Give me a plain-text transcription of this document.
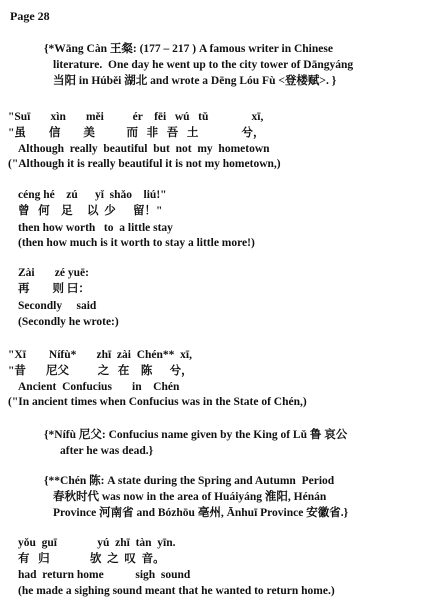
Page 28
{*Wāng Càn 王粲: (177 – 217 ) A famous writer in Chinese
literature.  One day he went up to the city tower of Dāngyáng
当阳 in Húběi 湖北 and wrote a Dēng Lóu Fù <登楼赋>. }
"Suī       xìn       měi          ér    fēi   wú   tǔ               xī,
"虽        信        美           而   非   吾   土               兮，
Although  really  beautiful  but  not  my  hometown
("Although it is really beautiful it is not my hometown,)
céng hé    zú      yǐ  shǎo    liú!"
曾   何    足     以  少      留！"
then how worth   to  a little stay
(then how much is it worth to stay a little more!)
Zài       zé yuē:
再        则 曰：
Secondly     said
(Secondly he wrote:)
"Xī        Nífù*       zhī  zài  Chén**  xī,
"昔       尼父          之   在    陈      兮，
Ancient  Confucius       in    Chén
("In ancient times when Confucius was in the State of Chén,)
{*Nífù 尼父: Confucius name given by the King of Lǔ 鲁 哀公
after he was dead.}
{**Chén 陈: A state during the Spring and Autumn  Period
春秋时代 was now in the area of Huáiyáng 淮阳, Hénán
Province 河南省 and Bózhōu 亳州, Ānhuī Province 安徽省.}
yǒu  guī              yú  zhī  tàn  yīn.
有   归              欤  之  叹  音。
had  return home           sigh  sound
(he made a sighing sound meant that he wanted to return home.)
